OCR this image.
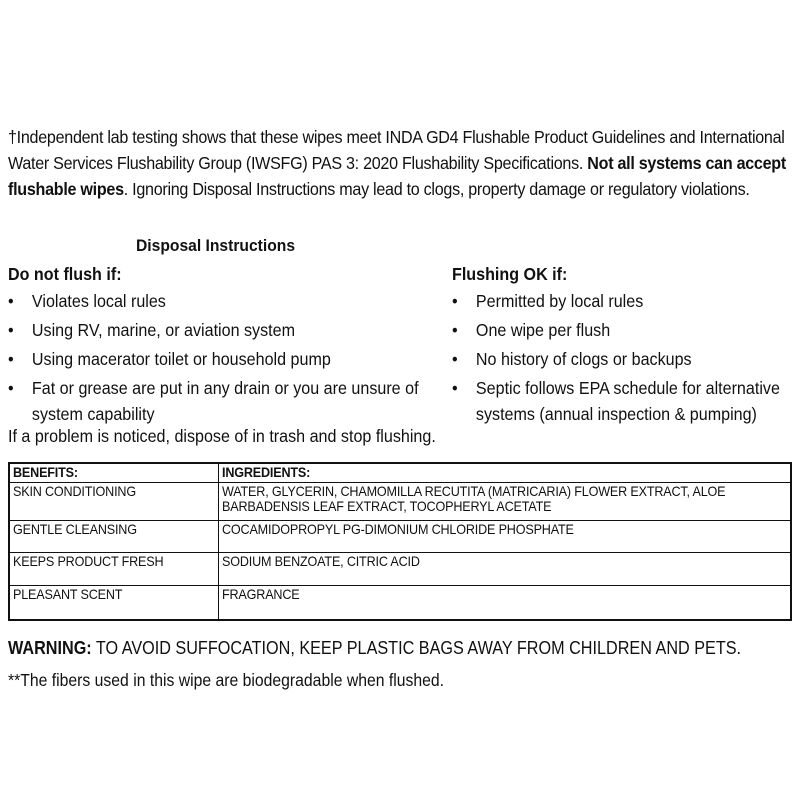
†Independent lab testing shows that these wipes meet INDA GD4 Flushable Product Guidelines and International Water Services Flushability Group (IWSFG) PAS 3: 2020 Flushability Specifications. Not all systems can accept flushable wipes. Ignoring Disposal Instructions may lead to clogs, property damage or regulatory violations.

Disposal Instructions
Do not flush if:
• Violates local rules
• Using RV, marine, or aviation system
• Using macerator toilet or household pump
• Fat or grease are put in any drain or you are unsure of system capability
Flushing OK if:
• Permitted by local rules
• One wipe per flush
• No history of clogs or backups
• Septic follows EPA schedule for alternative systems (annual inspection & pumping)
If a problem is noticed, dispose of in trash and stop flushing.
BENEFITS:	INGREDIENTS:
SKIN CONDITIONING	WATER, GLYCERIN, CHAMOMILLA RECUTITA (MATRICARIA) FLOWER EXTRACT, ALOE BARBADENSIS LEAF EXTRACT, TOCOPHERYL ACETATE
GENTLE CLEANSING	COCAMIDOPROPYL PG-DIMONIUM CHLORIDE PHOSPHATE
KEEPS PRODUCT FRESH	SODIUM BENZOATE, CITRIC ACID
PLEASANT SCENT	FRAGRANCE
WARNING: TO AVOID SUFFOCATION, KEEP PLASTIC BAGS AWAY FROM CHILDREN AND PETS.
**The fibers used in this wipe are biodegradable when flushed.
